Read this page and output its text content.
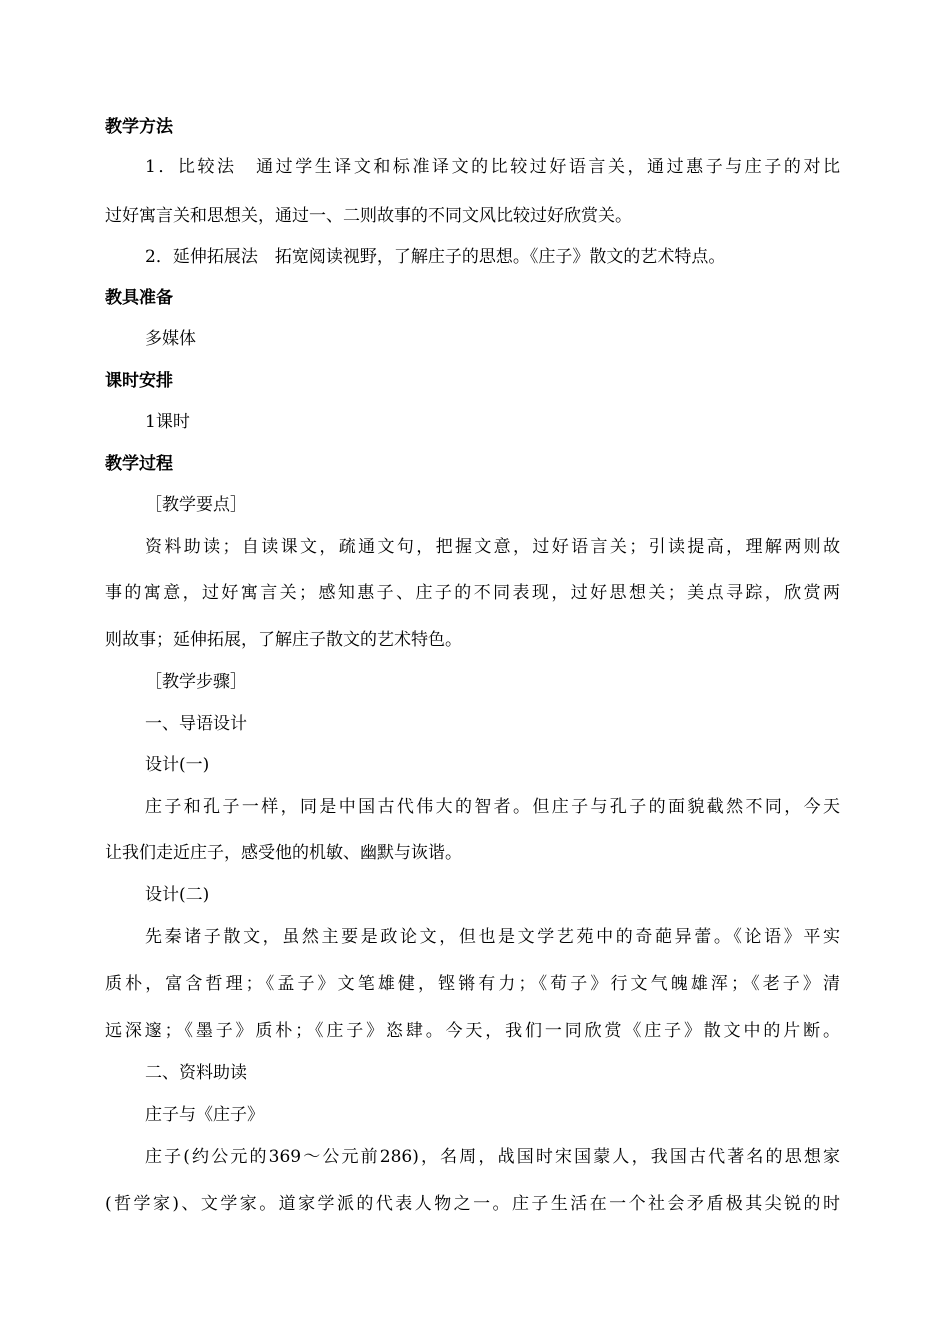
教学方法
1．比较法　通过学生译文和标准译文的比较过好语言关，通过惠子与庄子的对比
过好寓言关和思想关，通过一、二则故事的不同文风比较过好欣赏关。
2．延伸拓展法　拓宽阅读视野，了解庄子的思想。《庄子》散文的艺术特点。
教具准备
多媒体
课时安排
1课时
教学过程
［教学要点］
资料助读；自读课文，疏通文句，把握文意，过好语言关；引读提高，理解两则故
事的寓意，过好寓言关；感知惠子、庄子的不同表现，过好思想关；美点寻踪，欣赏两
则故事；延伸拓展，了解庄子散文的艺术特色。
［教学步骤］
一、导语设计
设计(一)
庄子和孔子一样，同是中国古代伟大的智者。但庄子与孔子的面貌截然不同，今天
让我们走近庄子，感受他的机敏、幽默与诙谐。
设计(二)
先秦诸子散文，虽然主要是政论文，但也是文学艺苑中的奇葩异蕾。《论语》平实
质朴，富含哲理；《孟子》文笔雄健，铿锵有力；《荀子》行文气魄雄浑；《老子》清
远深邃；《墨子》质朴；《庄子》恣肆。今天，我们一同欣赏《庄子》散文中的片断。
二、资料助读
庄子与《庄子》
庄子(约公元的369～公元前286)，名周，战国时宋国蒙人，我国古代著名的思想家
(哲学家)、文学家。道家学派的代表人物之一。庄子生活在一个社会矛盾极其尖锐的时
